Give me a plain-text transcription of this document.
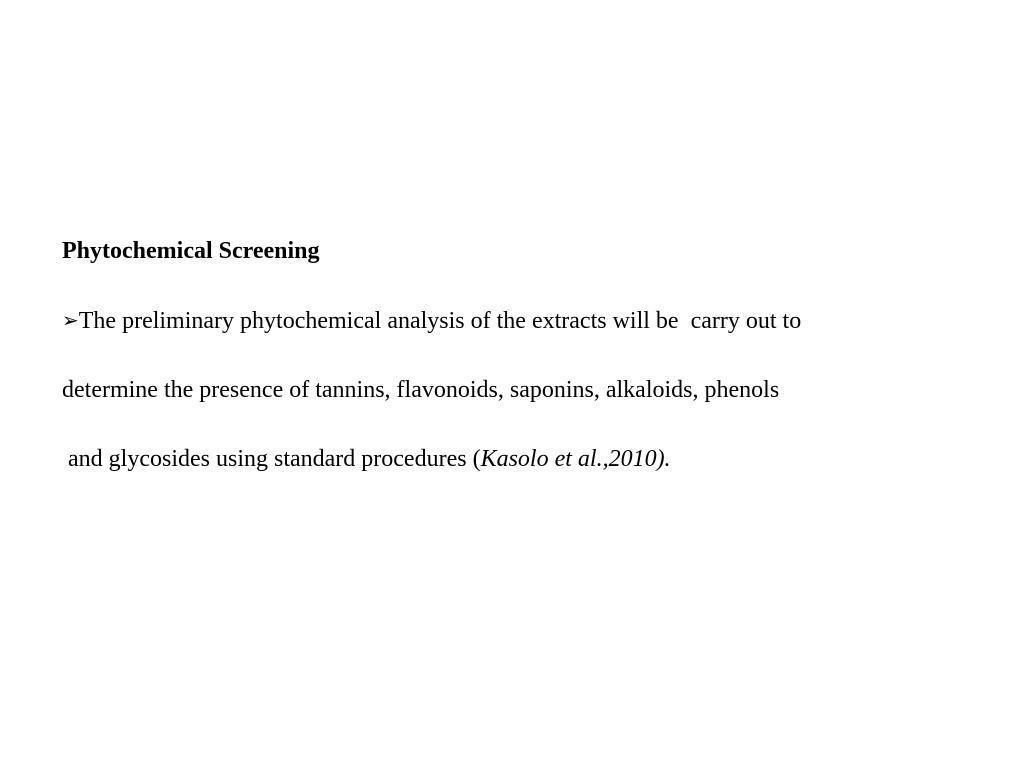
Phytochemical Screening
➢The preliminary phytochemical analysis of the extracts will be  carry out to
determine the presence of tannins, flavonoids, saponins, alkaloids, phenols
and glycosides using standard procedures (Kasolo et al.,2010).
